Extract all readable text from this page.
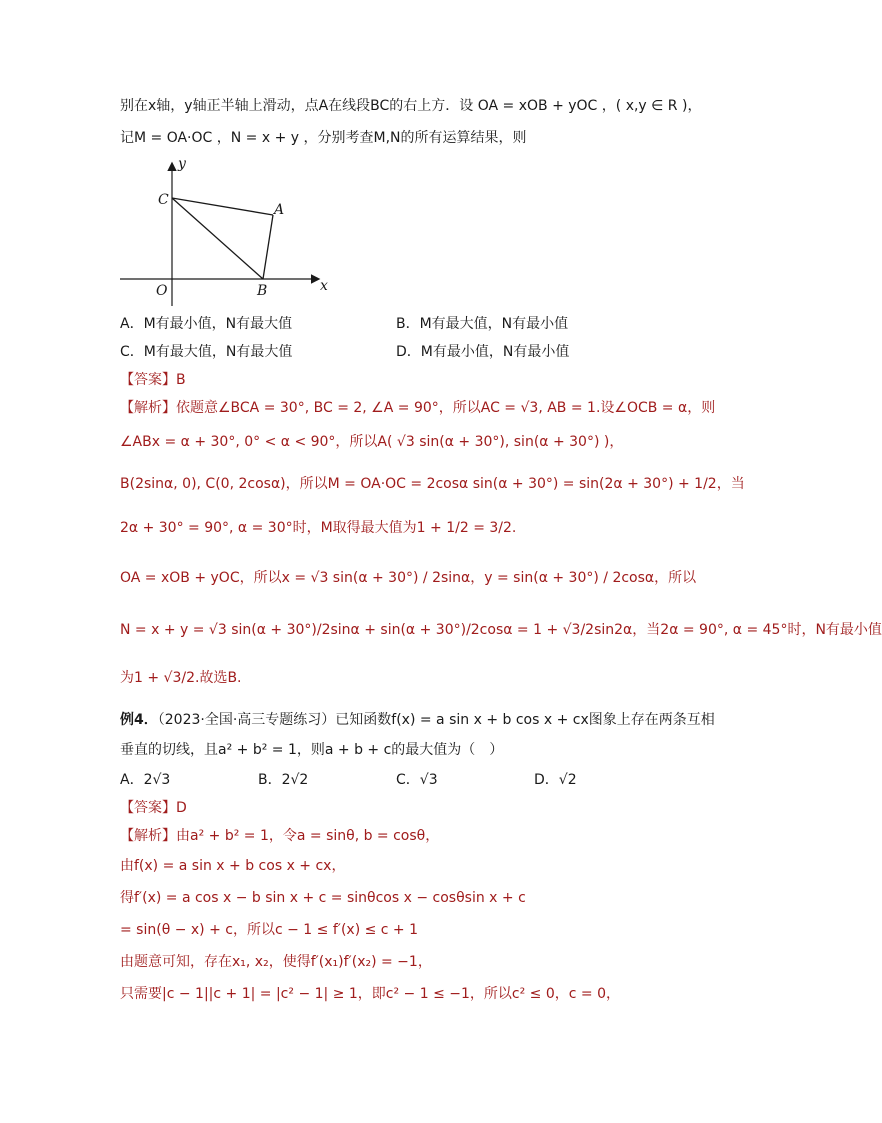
别在x轴，y轴正半轴上滑动，点A在线段BC的右上方．设 OA = xOB + yOC ，( x,y ∈ R )，
记M = OA·OC ，N = x + y ，分别考查M,N的所有运算结果，则
y
C
A
O	B	x
A．M有最小值，N有最大值	B．M有最大值，N有最小值
C．M有最大值，N有最大值	D．M有最小值，N有最小值
【答案】B
【解析】依题意∠BCA = 30°, BC = 2, ∠A = 90°，所以AC = √3, AB = 1.设∠OCB = α，则
∠ABx = α + 30°, 0° < α < 90°，所以A( √3 sin(α + 30°), sin(α + 30°) )，
B(2sinα, 0), C(0, 2cosα)，所以M = OA·OC = 2cosα sin(α + 30°) = sin(2α + 30°) + 1/2，当
2α + 30° = 90°, α = 30°时，M取得最大值为1 + 1/2 = 3/2.
OA = xOB + yOC，所以x = √3 sin(α + 30°) / 2sinα，y = sin(α + 30°) / 2cosα，所以
N = x + y = √3 sin(α + 30°)/2sinα + sin(α + 30°)/2cosα = 1 + √3/2sin2α，当2α = 90°, α = 45°时，N有最小值
为1 + √3/2.故选B.
例4．（2023·全国·高三专题练习）已知函数f(x) = a sin x + b cos x + cx图象上存在两条互相
垂直的切线，且a² + b² = 1，则a + b + c的最大值为（　）
A．2√3	B．2√2	C．√3	D．√2
【答案】D
【解析】由a² + b² = 1，令a = sinθ, b = cosθ，
由f(x) = a sin x + b cos x + cx，
得f′(x) = a cos x − b sin x + c = sinθcos x − cosθsin x + c
= sin(θ − x) + c，所以c − 1 ≤ f′(x) ≤ c + 1
由题意可知，存在x₁, x₂，使得f′(x₁)f′(x₂) = −1，
只需要|c − 1||c + 1| = |c² − 1| ≥ 1，即c² − 1 ≤ −1，所以c² ≤ 0，c = 0，
